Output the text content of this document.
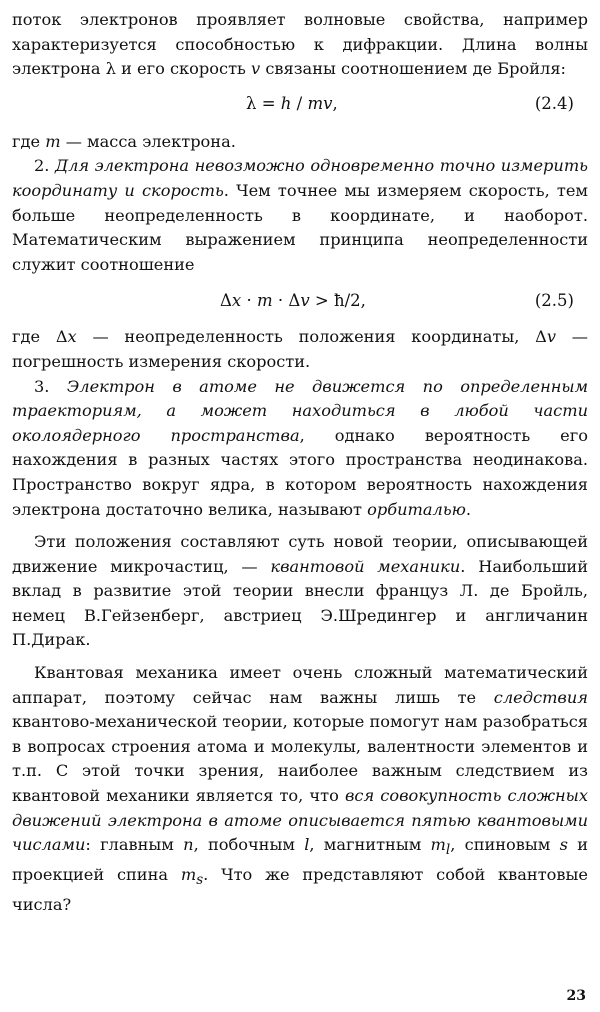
поток электронов проявляет волновые свойства, например характеризуется способностью к дифракции. Длина волны электрона λ и его скорость v связаны соотношением де Бройля:

λ = h / mv,	(2.4)

где m — масса электрона.

2. Для электрона невозможно одновременно точно измерить координату и скорость. Чем точнее мы измеряем скорость, тем больше неопределенность в координате, и наоборот. Математическим выражением принципа неопределенности служит соотношение

Δx · m · Δv > ħ/2,	(2.5)

где Δx — неопределенность положения координаты, Δv — погрешность измерения скорости.

3. Электрон в атоме не движется по определенным траекториям, а может находиться в любой части околоядерного пространства, однако вероятность его нахождения в разных частях этого пространства неодинакова. Пространство вокруг ядра, в котором вероятность нахождения электрона достаточно велика, называют орбиталью.

Эти положения составляют суть новой теории, описывающей движение микрочастиц, — квантовой механики. Наибольший вклад в развитие этой теории внесли француз Л. де Бройль, немец В.Гейзенберг, австриец Э.Шредингер и англичанин П.Дирак.

Квантовая механика имеет очень сложный математический аппарат, поэтому сейчас нам важны лишь те следствия квантово-механической теории, которые помогут нам разобраться в вопросах строения атома и молекулы, валентности элементов и т.п. С этой точки зрения, наиболее важным следствием из квантовой механики является то, что вся совокупность сложных движений электрона в атоме описывается пятью квантовыми числами: главным n, побочным l, магнитным $m_l$, спиновым s и проекцией спина $m_s$. Что же представляют собой квантовые числа?

23
